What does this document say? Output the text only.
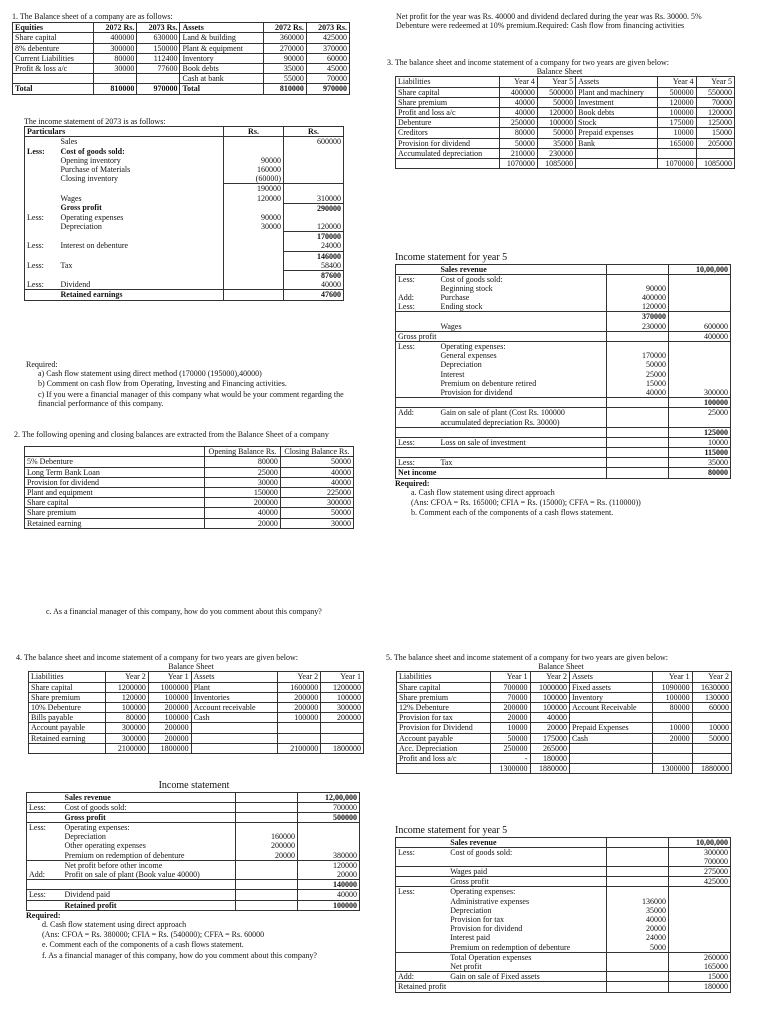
1. The Balance sheet of a company are as follows:
Equities	2072 Rs.	2073 Rs.	Assets	2072 Rs.	2073 Rs.
Share capital	400000	630000	Land & building	360000	425000
8% debenture	300000	150000	Plant & equipment	270000	370000
Current Liabilities	80000	112400	Inventory	90000	60000
Profit & loss a/c	30000	77600	Book debts	35000	45000
			Cash at bank	55000	70000
Total	810000	970000	Total	810000	970000
The income statement of 2073 is as follows:
Particulars		Rs.	Rs.
	Sales		600000
Less:	Cost of goods sold:		
	Opening inventory	90000	
	Purchase of Materials	160000	
	Closing inventory	(60000)	
		190000	
	Wages	120000	310000
	Gross profit		290000
Less:	Operating expenses	90000	
	Depreciation	30000	120000
			170000
Less:	Interest on debenture		24000
			146000
Less:	Tax		58400
			87600
Less:	Dividend		40000
	Retained earnings		47600
Required:
a) Cash flow statement using direct method (170000 (195000),40000)
b) Comment on cash flow from Operating, Investing and Financing activities.
c) If you were a financial manager of this company what would be your comment regarding the financial performance of this company.
2. The following opening and closing balances are extracted from the Balance Sheet of a company
	Opening Balance Rs.	Closing Balance Rs.
5% Debenture	80000	50000
Long Term Bank Loan	25000	40000
Provision for dividend	30000	40000
Plant and equipment	150000	225000
Share capital	200000	300000
Share premium	40000	50000
Retained earning	20000	30000
c. As a financial manager of this company, how do you comment about this company?
Net profit for the year was Rs. 40000 and dividend declared during the year was Rs. 30000. 5% Debenture were redeemed at 10% premium.Required: Cash flow from financing activities
3. The balance sheet and income statement of a company for two years are given below:
Balance Sheet
Liabilities	Year 4	Year 5	Assets	Year 4	Year 5
Share capital	400000	500000	Plant and machinery	500000	550000
Share premium	40000	50000	Investment	120000	70000
Profit and loss a/c	40000	120000	Book debts	100000	120000
Debenture	250000	100000	Stock	175000	125000
Creditors	80000	50000	Prepaid expenses	10000	15000
Provision for dividend	50000	35000	Bank	165000	205000
Accumulated depreciation	210000	230000			
	1070000	1085000		1070000	1085000
Income statement for year 5
	Sales revenue		10,00,000
Less:	Cost of goods sold:		
	Beginning stock	90000	
Add:	Purchase	400000	
Less:	Ending stock	120000	
		370000	
	Wages	230000	600000
Gross profit			400000
Less:	Operating expenses:		
	General expenses	170000	
	Depreciation	50000	
	Interest	25000	
	Premium on debenture retired	15000	
	Provision for dividend	40000	300000
			100000
Add:	Gain on sale of plant (Cost Rs. 100000 accumulated depreciation Rs. 30000)		25000
			125000
Less:	Loss on sale of investment		10000
			115000
Less:	Tax		35000
Net income			80000
Required:
a. Cash flow statement using direct approach
(Ans: CFOA = Rs. 165000; CFIA = Rs. (15000); CFFA = Rs. (110000))
b. Comment each of the components of a cash flows statement.
4. The balance sheet and income statement of a company for two years are given below:
Balance Sheet
Liabilities	Year 2	Year 1	Assets	Year 2	Year 1
Share capital	1200000	1000000	Plant	1600000	1200000
Share premium	120000	100000	Inventories	200000	100000
10% Debenture	100000	200000	Account receivable	200000	300000
Bills payable	80000	100000	Cash	100000	200000
Account payable	300000	200000			
Retained earning	300000	200000			
	2100000	1800000		2100000	1800000
Income statement
	Sales revenue		12,00,000
Less:	Cost of goods sold:		700000
	Gross profit		500000
Less:	Operating expenses:		
	Depreciation	160000	
	Other operating expenses	200000	
	Premium on redemption of debenture	20000	380000
	Net profit before other income		120000
Add:	Profit on sale of plant (Book value 40000)		20000
			140000
Less:	Dividend paid		40000
	Retained profit		100000
Required:
d. Cash flow statement using direct approach
(Ans: CFOA = Rs. 380000; CFIA = Rs. (540000); CFFA = Rs. 60000
e. Comment each of the components of a cash flows statement.
f. As a financial manager of this company, how do you comment about this company?
5. The balance sheet and income statement of a company for two years are given below:
Balance Sheet
Liabilities	Year 1	Year 2	Assets	Year 1	Year 2
Share capital	700000	1000000	Fixed assets	1090000	1630000
Share premium	70000	100000	Inventory	100000	130000
12% Debenture	200000	100000	Account Receivable	80000	60000
Provision for tax	20000	40000			
Provision for Dividend	10000	20000	Prepaid Expenses	10000	10000
Account payable	50000	175000	Cash	20000	50000
Acc. Depreciation	250000	265000			
Profit and loss a/c	-	180000			
	1300000	1880000		1300000	1880000
Income statement for year 5
	Sales revenue		10,00,000
Less:	Cost of goods sold:		300000
			700000
	Wages paid		275000
	Gross profit		425000
Less:	Operating expenses:		
	Administrative expenses	136000	
	Depreciation	35000	
	Provision for tax	40000	
	Provision for dividend	20000	
	Interest paid	24000	
	Premium on redemption of debenture	5000	
	Total Operation expenses		260000
	Net profit		165000
Add:	Gain on sale of Fixed assets		15000
Retained profit			180000
